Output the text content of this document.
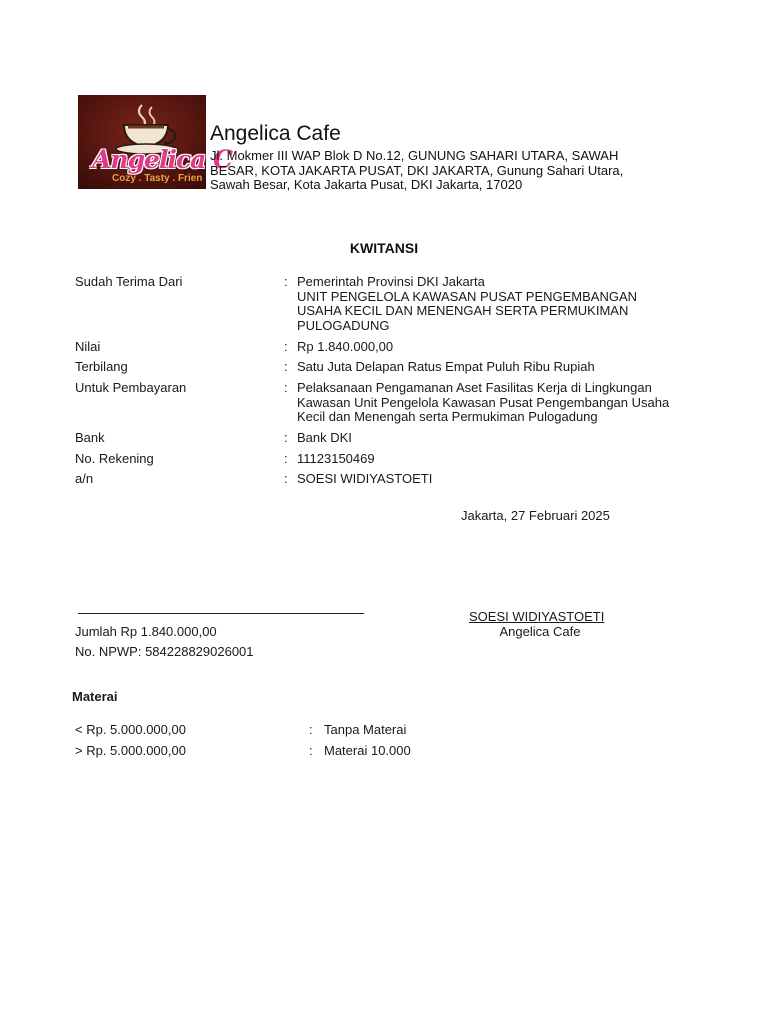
Angelica C
Cozy . Tasty . Frien
Angelica Cafe
Jl. Mokmer III WAP Blok D No.12, GUNUNG SAHARI UTARA, SAWAH
BESAR, KOTA JAKARTA PUSAT, DKI JAKARTA, Gunung Sahari Utara,
Sawah Besar, Kota Jakarta Pusat, DKI Jakarta, 17020
KWITANSI
Sudah Terima Dari	: Pemerintah Provinsi DKI Jakarta
UNIT PENGELOLA KAWASAN PUSAT PENGEMBANGAN
USAHA KECIL DAN MENENGAH SERTA PERMUKIMAN
PULOGADUNG
Nilai	: Rp 1.840.000,00
Terbilang	: Satu Juta Delapan Ratus Empat Puluh Ribu Rupiah
Untuk Pembayaran	: Pelaksanaan Pengamanan Aset Fasilitas Kerja di Lingkungan
Kawasan Unit Pengelola Kawasan Pusat Pengembangan Usaha
Kecil dan Menengah serta Permukiman Pulogadung
Bank	: Bank DKI
No. Rekening	: 11123150469
a/n	: SOESI WIDIYASTOETI
Jakarta, 27 Februari 2025
SOESI WIDIYASTOETI
Angelica Cafe
Jumlah Rp 1.840.000,00
No. NPWP: 584228829026001
Materai
< Rp. 5.000.000,00	: Tanpa Materai
> Rp. 5.000.000,00	: Materai 10.000
